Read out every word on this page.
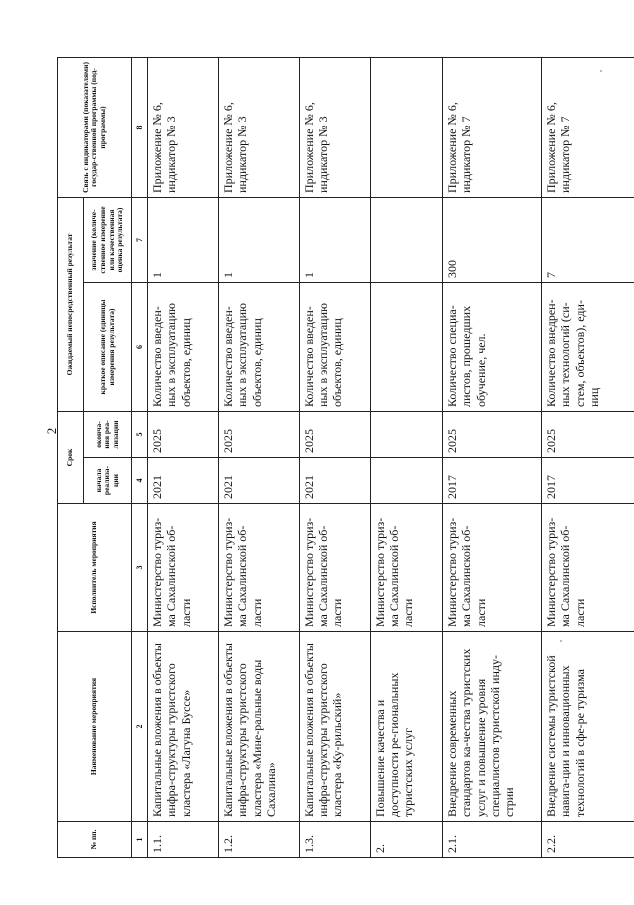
2
№ пп.	Наименование мероприятия	Исполнитель мероприятия	Срок		Ожидаемый непосредственный результат		Связь с индикаторами (показателями) государ-ственной программы (под-программы)
			начала реализа-ции	оконча-ния реа-лизации	краткое описание (единицы измерения результата)	значение (количе-ственное измерение или качественная оценка результата)	
1	2	3	4	5	6	7	8
1.1.	Капитальные вложения в объекты инфра-структуры туристского кластера «Лагуна Буссе»	Министерство туриз-ма Сахалинской об-ласти	2021	2025	Количество введен-ных в эксплуатацию объектов, единиц	1	Приложение № 6, индикатор № 3
1.2.	Капитальные вложения в объекты инфра-структуры туристского кластера «Мине-ральные воды Сахалина»	Министерство туриз-ма Сахалинской об-ласти	2021	2025	Количество введен-ных в эксплуатацию объектов, единиц	1	Приложение № 6, индикатор № 3
1.3.	Капитальные вложения в объекты инфра-структуры туристского кластера «Ку-рильский»	Министерство туриз-ма Сахалинской об-ласти	2021	2025	Количество введен-ных в эксплуатацию объектов, единиц	1	Приложение № 6, индикатор № 3
2.	Повышение качества и доступности ре-гиональных туристских услуг	Министерство туриз-ма Сахалинской об-ласти					
2.1.	Внедрение современных стандартов ка-чества туристских услуг и повышение уровня специалистов туристской инду-стрии	Министерство туриз-ма Сахалинской об-ласти	2017	2025	Количество специа-листов, прошедших обучение, чел.	300	Приложение № 6, индикатор № 7
2.2.	Внедрение системы туристской навига-ции и инновационных технологий в сфе-ре туризма	Министерство туриз-ма Сахалинской об-ласти	2017	2025	Количество внедрен-ных технологий (си-стем, объектов), еди-ниц	7	Приложение № 6, индикатор № 7
